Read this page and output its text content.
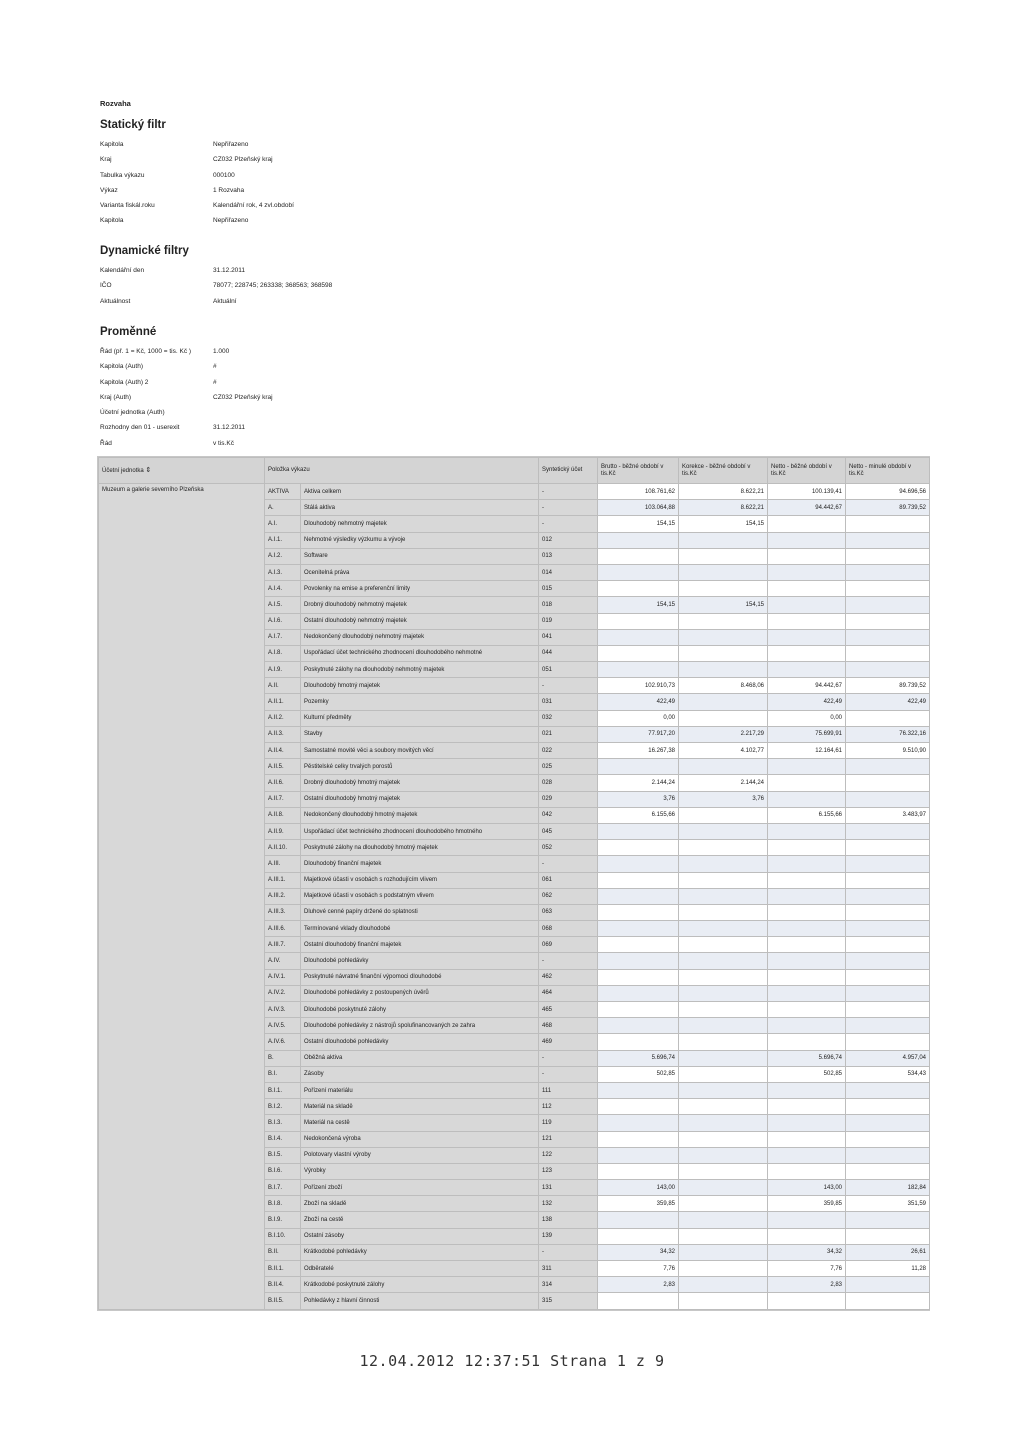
Rozvaha
Statický filtr
Kapitola	Nepřiřazeno
Kraj	CZ032 Plzeňský kraj
Tabulka výkazu	000100
Výkaz	1 Rozvaha
Varianta fiskál.roku	Kalendářní rok, 4 zvl.období
Kapitola	Nepřiřazeno
Dynamické filtry
Kalendářní den	31.12.2011
IČO	78077; 228745; 263338; 368563; 368598
Aktuálnost	Aktuální
Proměnné
Řád (př. 1 = Kč, 1000 = tis. Kč )	1.000
Kapitola (Auth)	#
Kapitola (Auth) 2	#
Kraj (Auth)	CZ032 Plzeňský kraj
Účetní jednotka (Auth)
Rozhodny den 01 - userexit	31.12.2011
Řád	v tis.Kč
Účetní jednotka ⇕	Položka výkazu		Syntetický účet	Brutto - běžné období v tis.Kč	Korekce - běžné období v tis.Kč	Netto - běžné období v tis.Kč	Netto - minulé období v tis.Kč
Muzeum a galerie severního Plzeňska	AKTIVA	Aktiva celkem	-	108.761,62	8.622,21	100.139,41	94.696,56
	A.	Stálá aktiva	-	103.064,88	8.622,21	94.442,67	89.739,52
	A.I.	Dlouhodobý nehmotný majetek	-	154,15	154,15		
	A.I.1.	Nehmotné výsledky výzkumu a vývoje	012				
	A.I.2.	Software	013				
	A.I.3.	Ocenitelná práva	014				
	A.I.4.	Povolenky na emise a preferenční limity	015				
	A.I.5.	Drobný dlouhodobý nehmotný majetek	018	154,15	154,15		
	A.I.6.	Ostatní dlouhodobý nehmotný majetek	019				
	A.I.7.	Nedokončený dlouhodobý nehmotný majetek	041				
	A.I.8.	Uspořádací účet technického zhodnocení dlouhodobého nehmotné	044				
	A.I.9.	Poskytnuté zálohy na dlouhodobý nehmotný majetek	051				
	A.II.	Dlouhodobý hmotný majetek	-	102.910,73	8.468,06	94.442,67	89.739,52
	A.II.1.	Pozemky	031	422,49		422,49	422,49
	A.II.2.	Kulturní předměty	032	0,00		0,00	
	A.II.3.	Stavby	021	77.917,20	2.217,29	75.699,91	76.322,16
	A.II.4.	Samostatné movité věci a soubory movitých věcí	022	16.267,38	4.102,77	12.164,61	9.510,90
	A.II.5.	Pěstitelské celky trvalých porostů	025				
	A.II.6.	Drobný dlouhodobý hmotný majetek	028	2.144,24	2.144,24		
	A.II.7.	Ostatní dlouhodobý hmotný majetek	029	3,76	3,76		
	A.II.8.	Nedokončený dlouhodobý hmotný majetek	042	6.155,66		6.155,66	3.483,97
	A.II.9.	Uspořádací účet technického zhodnocení dlouhodobého hmotného	045				
	A.II.10.	Poskytnuté zálohy na dlouhodobý hmotný majetek	052				
	A.III.	Dlouhodobý finanční majetek	-				
	A.III.1.	Majetkové účasti v osobách s rozhodujícím vlivem	061				
	A.III.2.	Majetkové účasti v osobách s podstatným vlivem	062				
	A.III.3.	Dluhové cenné papíry držené do splatnosti	063				
	A.III.6.	Termínované vklady dlouhodobé	068				
	A.III.7.	Ostatní dlouhodobý finanční majetek	069				
	A.IV.	Dlouhodobé pohledávky	-				
	A.IV.1.	Poskytnuté návratné finanční výpomoci dlouhodobé	462				
	A.IV.2.	Dlouhodobé pohledávky z postoupených úvěrů	464				
	A.IV.3.	Dlouhodobé poskytnuté zálohy	465				
	A.IV.5.	Dlouhodobé pohledávky z nástrojů spolufinancovaných ze zahra	468				
	A.IV.6.	Ostatní dlouhodobé pohledávky	469				
	B.	Oběžná aktiva	-	5.696,74		5.696,74	4.957,04
	B.I.	Zásoby	-	502,85		502,85	534,43
	B.I.1.	Pořízení materiálu	111				
	B.I.2.	Materiál na skladě	112				
	B.I.3.	Materiál na cestě	119				
	B.I.4.	Nedokončená výroba	121				
	B.I.5.	Polotovary vlastní výroby	122				
	B.I.6.	Výrobky	123				
	B.I.7.	Pořízení zboží	131	143,00		143,00	182,84
	B.I.8.	Zboží na skladě	132	359,85		359,85	351,59
	B.I.9.	Zboží na cestě	138				
	B.I.10.	Ostatní zásoby	139				
	B.II.	Krátkodobé pohledávky	-	34,32		34,32	26,61
	B.II.1.	Odběratelé	311	7,76		7,76	11,28
	B.II.4.	Krátkodobé poskytnuté zálohy	314	2,83		2,83	
	B.II.5.	Pohledávky z hlavní činnosti	315				
12.04.2012 12:37:51 Strana 1 z 9
